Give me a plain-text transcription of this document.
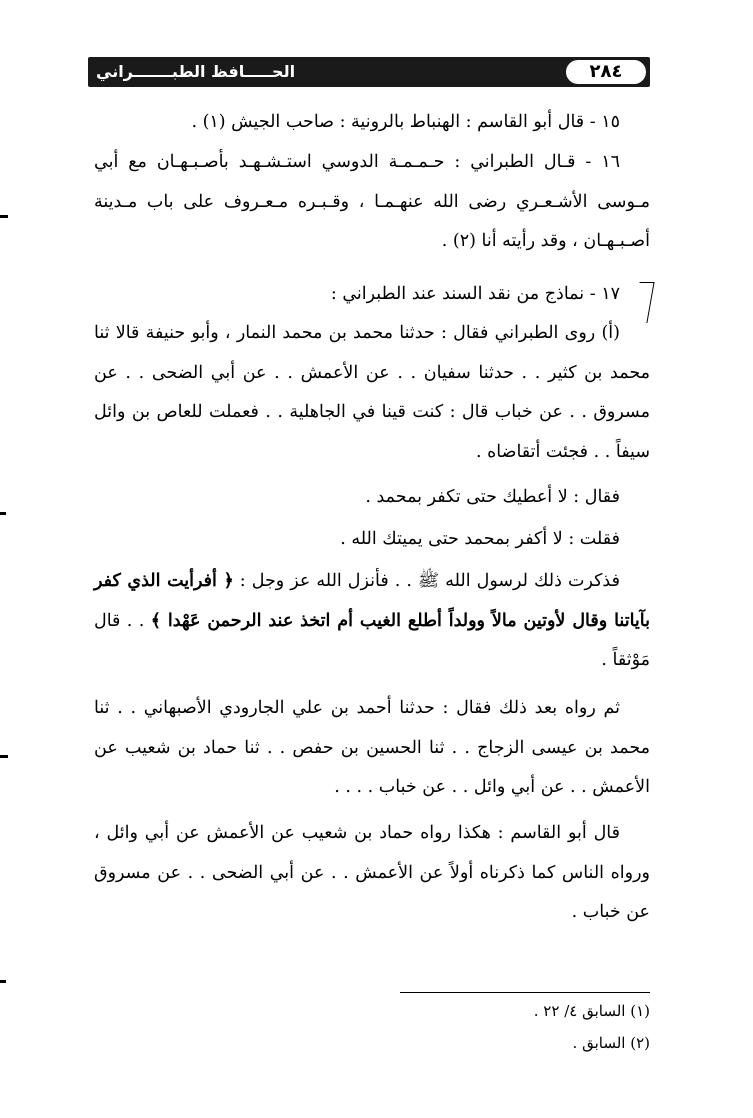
الحـــــافظ الطبـــــــراني	٢٨٤
١٥ - قال أبو القاسم : الهنباط بالرونية : صاحب الجيش (١) .
١٦ - قـال الطبراني : حـمـمـة الدوسي استـشـهـد بأصـبـهـان مع أبي مـوسى الأشـعـري رضى الله عنهـمـا ، وقـبـره مـعـروف على باب مـدينة أصـبـهـان ، وقد رأيته أنا (٢) .
١٧ - نماذج من نقد السند عند الطبراني :
(أ) روى الطبراني فقال : حدثنا محمد بن محمد النمار ، وأبو حنيفة قالا ثنا محمد بن كثير . . حدثنا سفيان . . عن الأعمش . . عن أبي الضحى . . عن مسروق . . عن خباب قال : كنت قينا في الجاهلية . . فعملت للعاص بن وائل سيفاً . . فجئت أتقاضاه .
فقال : لا أعطيك حتى تكفر بمحمد .
فقلت : لا أكفر بمحمد حتى يميتك الله .
فذكرت ذلك لرسول الله ﷺ . . فأنزل الله عز وجل : ﴿ أفرأيت الذي كفر بآياتنا وقال لأوتين مالاً وولداً أطلع الغيب أم اتخذ عند الرحمن عَهْدا ﴾ . . قال مَوْثقاً .
ثم رواه بعد ذلك فقال : حدثنا أحمد بن علي الجارودي الأصبهاني . . ثنا محمد بن عيسى الزجاج . . ثنا الحسين بن حفص . . ثنا حماد بن شعيب عن الأعمش . . عن أبي وائل . . عن خباب . . . .
قال أبو القاسم : هكذا رواه حماد بن شعيب عن الأعمش عن أبي وائل ، ورواه الناس كما ذكرناه أولاً عن الأعمش . . عن أبي الضحى . . عن مسروق عن خباب .
(١) السابق ٤/ ٢٢ .
(٢) السابق .
